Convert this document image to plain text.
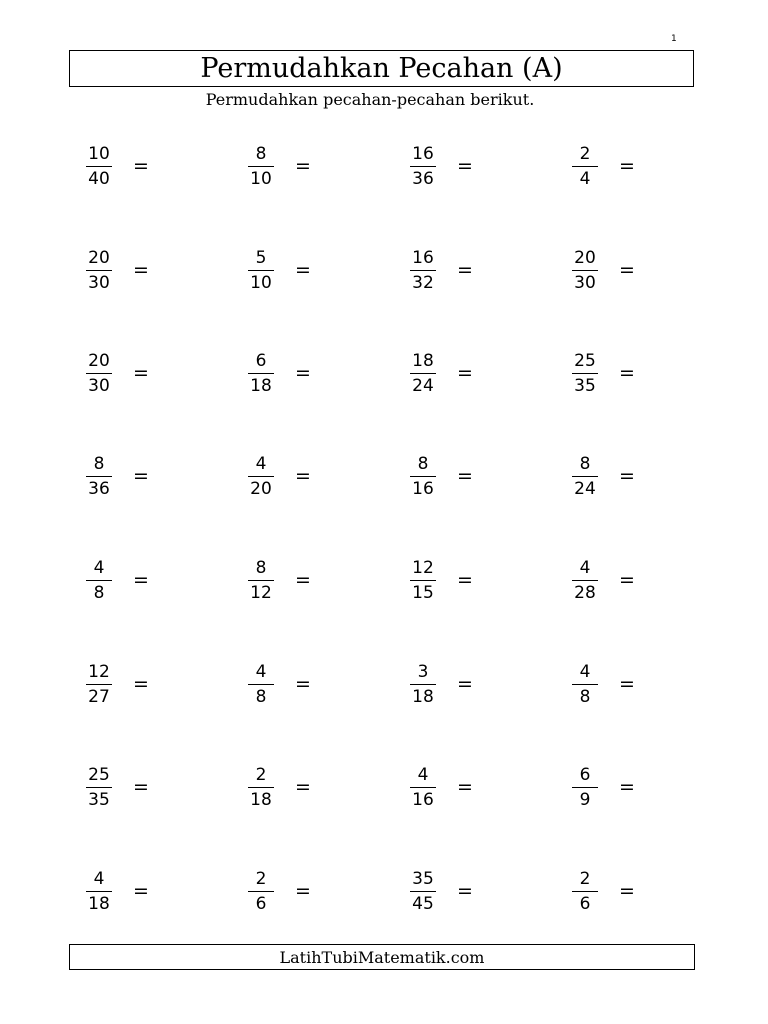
1
Permudahkan Pecahan (A)
Permudahkan pecahan-pecahan berikut.
$\frac{10}{40}$ =	$\frac{8}{10}$ =	$\frac{16}{36}$ =	$\frac{2}{4}$ =
$\frac{20}{30}$ =	$\frac{5}{10}$ =	$\frac{16}{32}$ =	$\frac{20}{30}$ =
$\frac{20}{30}$ =	$\frac{6}{18}$ =	$\frac{18}{24}$ =	$\frac{25}{35}$ =
$\frac{8}{36}$ =	$\frac{4}{20}$ =	$\frac{8}{16}$ =	$\frac{8}{24}$ =
$\frac{4}{8}$ =	$\frac{8}{12}$ =	$\frac{12}{15}$ =	$\frac{4}{28}$ =
$\frac{12}{27}$ =	$\frac{4}{8}$ =	$\frac{3}{18}$ =	$\frac{4}{8}$ =
$\frac{25}{35}$ =	$\frac{2}{18}$ =	$\frac{4}{16}$ =	$\frac{6}{9}$ =
$\frac{4}{18}$ =	$\frac{2}{6}$ =	$\frac{35}{45}$ =	$\frac{2}{6}$ =
LatihTubiMatematik.com
